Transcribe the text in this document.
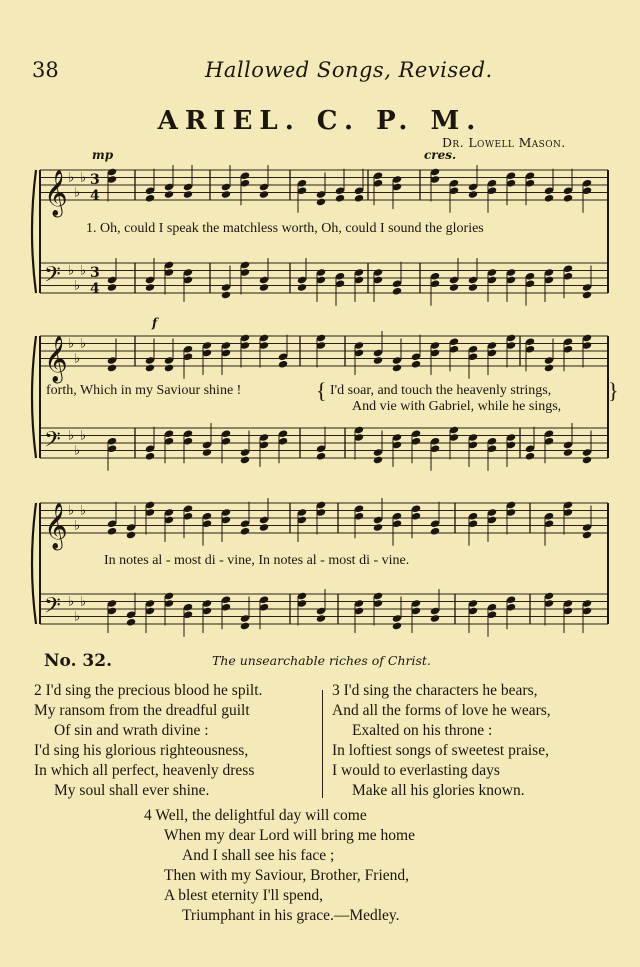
38	Hallowed Songs, Revised.
ARIEL. C. P. M.
Dr. Lowell Mason.
𝄞 ♭
♭
♭ 3
4
𝄢 ♭
♭
♭ 3
4
𝄞 ♭
♭
♭
𝄢 ♭
♭
♭
𝄞 ♭
♭
♭
𝄢 ♭
♭
♭
1. Oh, could I speak the matchless worth, Oh, could I sound the glories
forth, Which in my Saviour shine !	{ I'd soar, and touch the heavenly strings,
And vie with Gabriel, while he sings,
}
In notes al - most di - vine, In notes al - most di - vine.
No. 32.	The unsearchable riches of Christ.
2 I'd sing the precious blood he spilt.
My ransom from the dreadful guilt
Of sin and wrath divine :
I'd sing his glorious righteousness,
In which all perfect, heavenly dress
My soul shall ever shine.
3 I'd sing the characters he bears,
And all the forms of love he wears,
Exalted on his throne :
In loftiest songs of sweetest praise,
I would to everlasting days
Make all his glories known.
4 Well, the delightful day will come
When my dear Lord will bring me home
And I shall see his face ;
Then with my Saviour, Brother, Friend,
A blest eternity I'll spend,
Triumphant in his grace.—Medley.
mp	cres.
f
